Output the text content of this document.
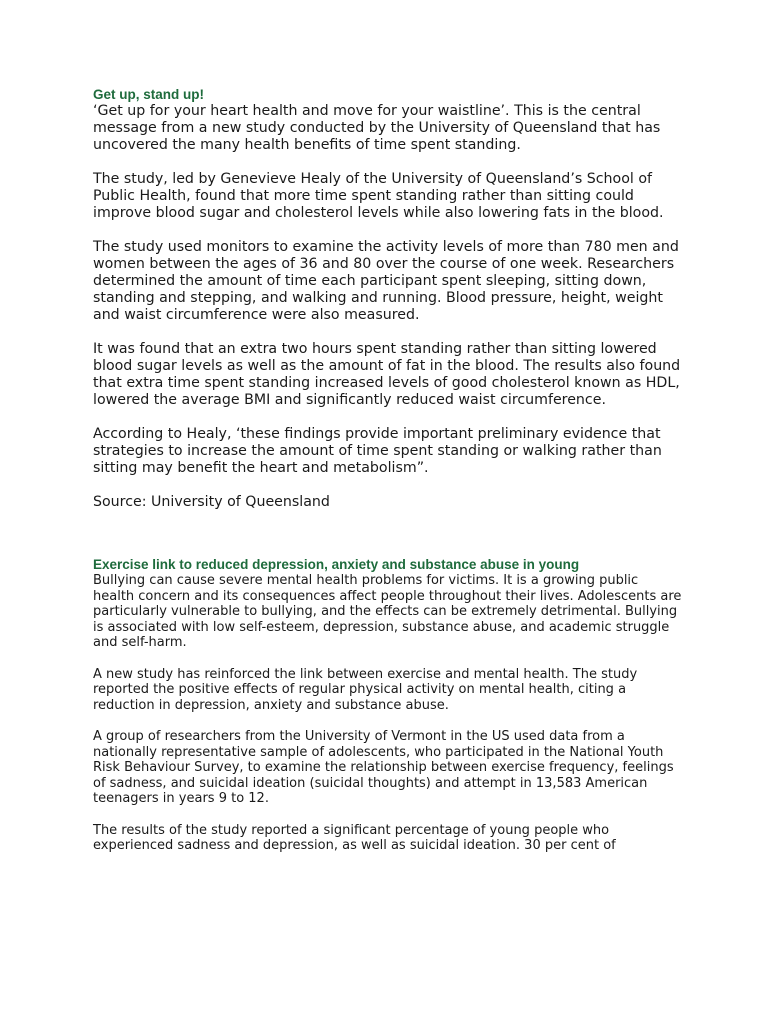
Get up, stand up!

‘Get up for your heart health and move for your waistline’. This is the central message from a new study conducted by the University of Queensland that has uncovered the many health benefits of time spent standing.

The study, led by Genevieve Healy of the University of Queensland’s School of Public Health, found that more time spent standing rather than sitting could improve blood sugar and cholesterol levels while also lowering fats in the blood.

The study used monitors to examine the activity levels of more than 780 men and women between the ages of 36 and 80 over the course of one week. Researchers determined the amount of time each participant spent sleeping, sitting down, standing and stepping, and walking and running. Blood pressure, height, weight and waist circumference were also measured.

It was found that an extra two hours spent standing rather than sitting lowered blood sugar levels as well as the amount of fat in the blood. The results also found that extra time spent standing increased levels of good cholesterol known as HDL, lowered the average BMI and significantly reduced waist circumference.

According to Healy, ‘these findings provide important preliminary evidence that strategies to increase the amount of time spent standing or walking rather than sitting may benefit the heart and metabolism”.

Source: University of Queensland

Exercise link to reduced depression, anxiety and substance abuse in young

Bullying can cause severe mental health problems for victims. It is a growing public health concern and its consequences affect people throughout their lives. Adolescents are particularly vulnerable to bullying, and the effects can be extremely detrimental. Bullying is associated with low self-esteem, depression, substance abuse, and academic struggle and self-harm.

A new study has reinforced the link between exercise and mental health. The study reported the positive effects of regular physical activity on mental health, citing a reduction in depression, anxiety and substance abuse.

A group of researchers from the University of Vermont in the US used data from a nationally representative sample of adolescents, who participated in the National Youth Risk Behaviour Survey, to examine the relationship between exercise frequency, feelings of sadness, and suicidal ideation (suicidal thoughts) and attempt in 13,583 American teenagers in years 9 to 12.

The results of the study reported a significant percentage of young people who experienced sadness and depression, as well as suicidal ideation. 30 per cent of
